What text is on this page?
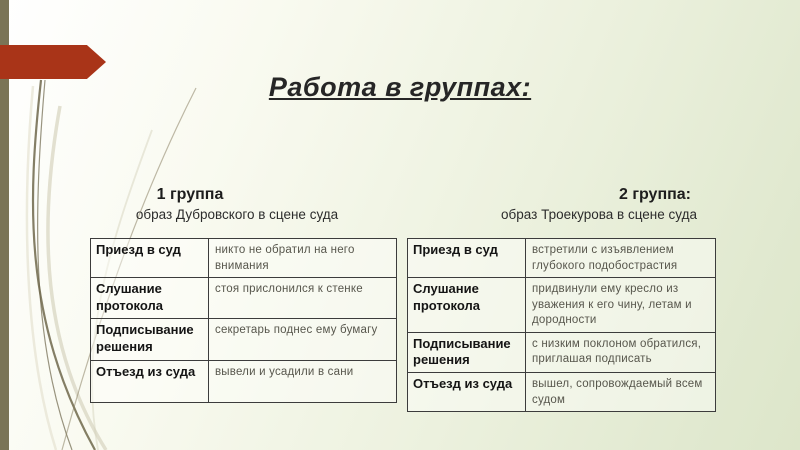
Работа в группах:
1 группа
образ Дубровского в сцене суда
2 группа:
образ Троекурова в сцене суда
Приезд в суд	никто не обратил на него внимания
Слушание протокола	стоя прислонился к стенке
Подписывание решения	секретарь поднес ему бумагу
Отъезд из суда	вывели и усадили в сани
Приезд в суд	встретили с изъявлением глубокого подобострастия
Слушание протокола	придвинули ему кресло из уважения к его чину, летам и дородности
Подписывание решения	с низким поклоном обратился, приглашая подписать
Отъезд из суда	вышел, сопровождаемый всем судом
